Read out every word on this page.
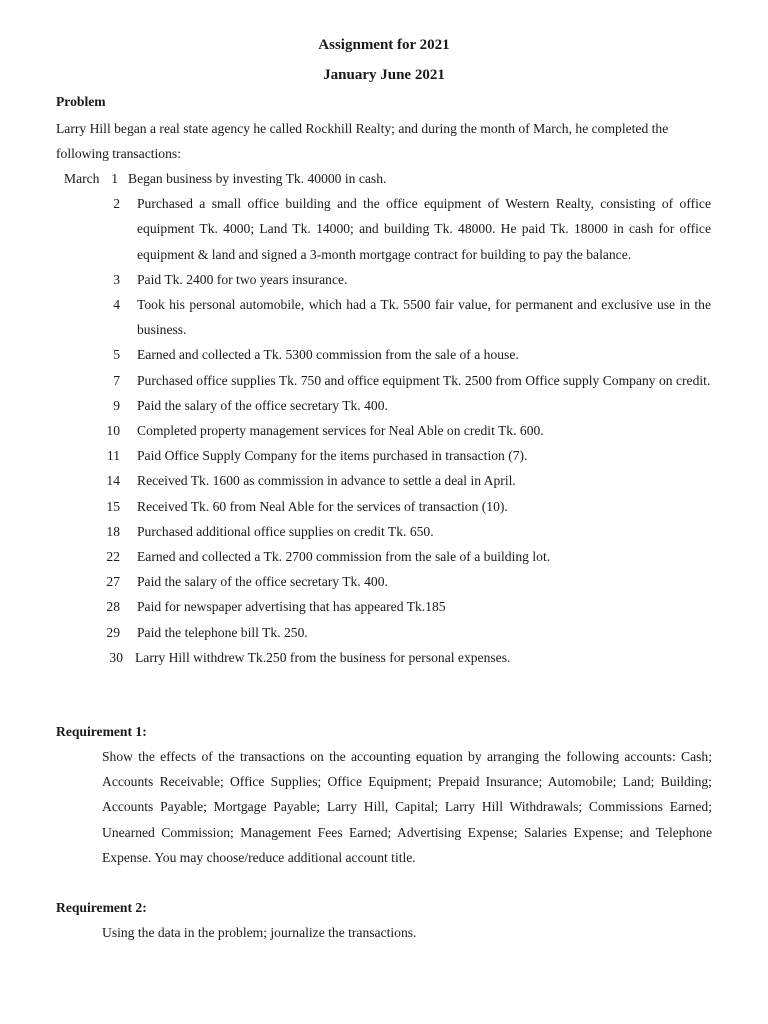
Assignment for 2021
January June 2021
Problem

Larry Hill began a real state agency he called Rockhill Realty; and during the month of March, he completed the following transactions:

March 1 Began business by investing Tk. 40000 in cash.
2 Purchased a small office building and the office equipment of Western Realty, consisting of office equipment Tk. 4000; Land Tk. 14000; and building Tk. 48000. He paid Tk. 18000 in cash for office equipment & land and signed a 3-month mortgage contract for building to pay the balance.
3 Paid Tk. 2400 for two years insurance.
4 Took his personal automobile, which had a Tk. 5500 fair value, for permanent and exclusive use in the business.
5 Earned and collected a Tk. 5300 commission from the sale of a house.
7 Purchased office supplies Tk. 750 and office equipment Tk. 2500 from Office supply Company on credit.
9 Paid the salary of the office secretary Tk. 400.
10 Completed property management services for Neal Able on credit Tk. 600.
11 Paid Office Supply Company for the items purchased in transaction (7).
14 Received Tk. 1600 as commission in advance to settle a deal in April.
15 Received Tk. 60 from Neal Able for the services of transaction (10).
18 Purchased additional office supplies on credit Tk. 650.
22 Earned and collected a Tk. 2700 commission from the sale of a building lot.
27 Paid the salary of the office secretary Tk. 400.
28 Paid for newspaper advertising that has appeared Tk.185
29 Paid the telephone bill Tk. 250.
30 Larry Hill withdrew Tk.250 from the business for personal expenses.
Requirement 1:

Show the effects of the transactions on the accounting equation by arranging the following accounts: Cash; Accounts Receivable; Office Supplies; Office Equipment; Prepaid Insurance; Automobile; Land; Building; Accounts Payable; Mortgage Payable; Larry Hill, Capital; Larry Hill Withdrawals; Commissions Earned; Unearned Commission; Management Fees Earned; Advertising Expense; Salaries Expense; and Telephone Expense. You may choose/reduce additional account title.

Requirement 2:

Using the data in the problem; journalize the transactions.
